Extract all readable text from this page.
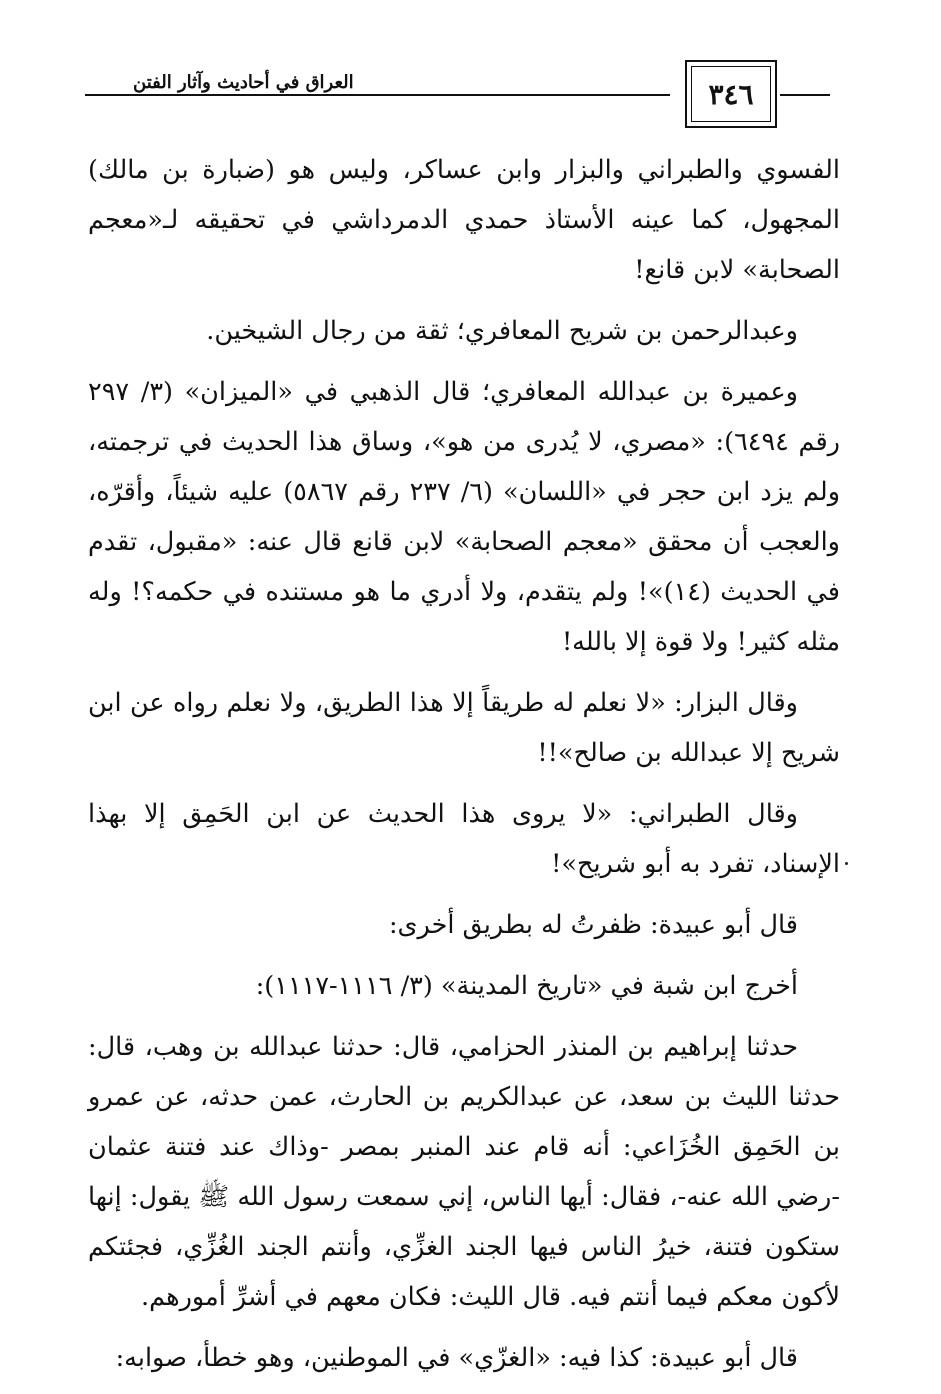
العراق في أحاديث وآثار الفتن	٣٤٦

الفسوي والطبراني والبزار وابن عساكر، وليس هو (ضبارة بن مالك) المجهول، كما عينه الأستاذ حمدي الدمرداشي في تحقيقه لـ«معجم الصحابة» لابن قانع!

وعبدالرحمن بن شريح المعافري؛ ثقة من رجال الشيخين.

وعميرة بن عبدالله المعافري؛ قال الذهبي في «الميزان» (٣/ ٢٩٧ رقم ٦٤٩٤): «مصري، لا يُدرى من هو»، وساق هذا الحديث في ترجمته، ولم يزد ابن حجر في «اللسان» (٦/ ٢٣٧ رقم ٥٨٦٧) عليه شيئاً، وأقرّه، والعجب أن محقق «معجم الصحابة» لابن قانع قال عنه: «مقبول، تقدم في الحديث (١٤)»! ولم يتقدم، ولا أدري ما هو مستنده في حكمه؟! وله مثله كثير! ولا قوة إلا بالله!

وقال البزار: «لا نعلم له طريقاً إلا هذا الطريق، ولا نعلم رواه عن ابن شريح إلا عبدالله بن صالح»!!

وقال الطبراني: «لا يروى هذا الحديث عن ابن الحَمِق إلا بهذا الإسناد، تفرد به أبو شريح»!

قال أبو عبيدة: ظفرتُ له بطريق أخرى:

أخرج ابن شبة في «تاريخ المدينة» (٣/ ١١١٦-١١١٧):

حدثنا إبراهيم بن المنذر الحزامي، قال: حدثنا عبدالله بن وهب، قال: حدثنا الليث بن سعد، عن عبدالكريم بن الحارث، عمن حدثه، عن عمرو بن الحَمِق الخُزَاعي: أنه قام عند المنبر بمصر -وذاك عند فتنة عثمان -رضي الله عنه-، فقال: أيها الناس، إني سمعت رسول الله ﷺ يقول: إنها ستكون فتنة، خيرُ الناس فيها الجند الغزِّي، وأنتم الجند الغُزِّي، فجئتكم لأكون معكم فيما أنتم فيه. قال الليث: فكان معهم في أشرِّ أمورهم.

قال أبو عبيدة: كذا فيه: «الغزّي» في الموطنين، وهو خطأ، صوابه:
